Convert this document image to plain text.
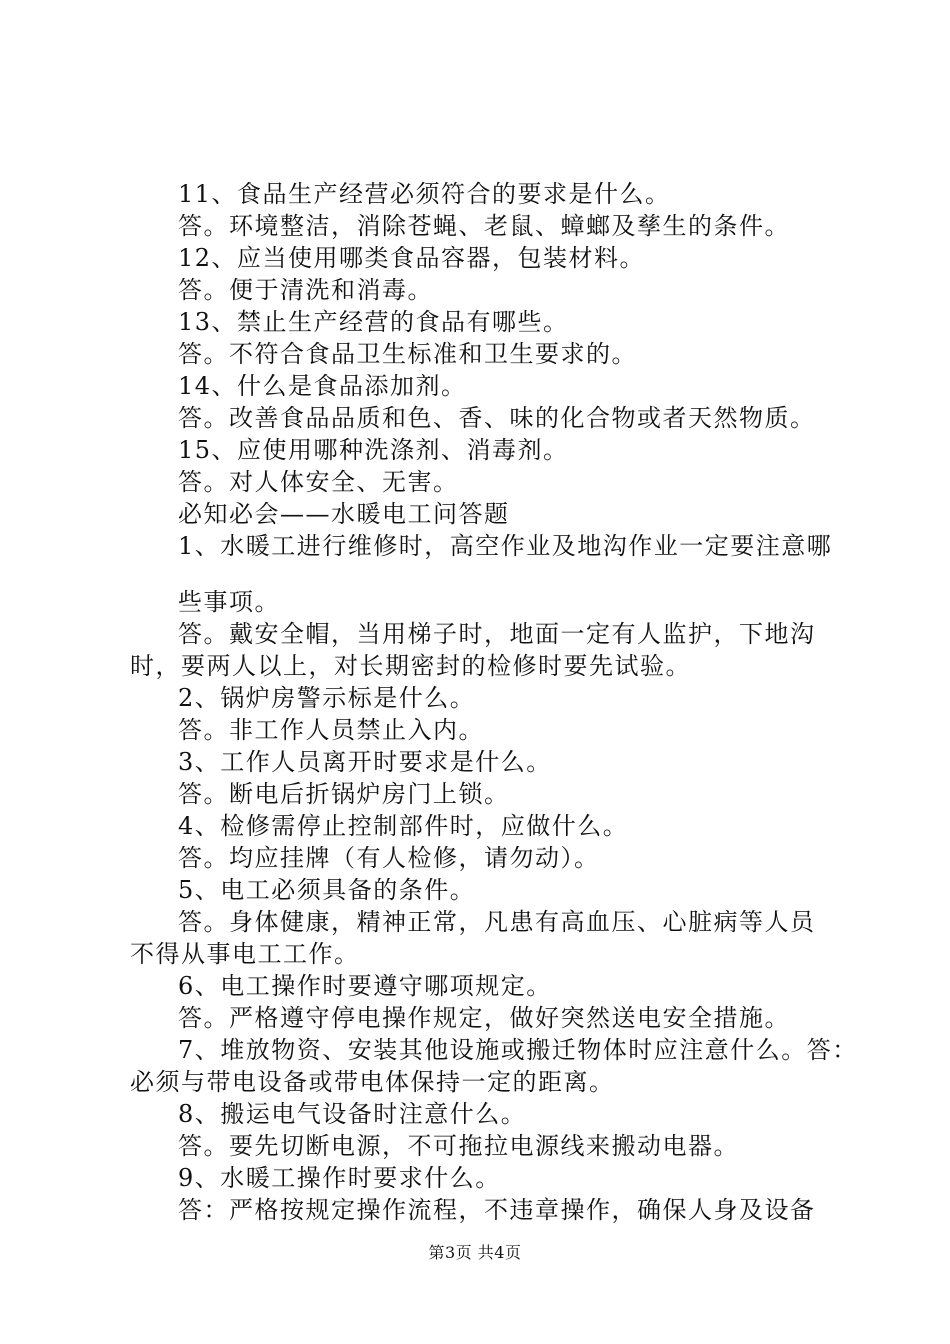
11、食品生产经营必须符合的要求是什么。
答。环境整洁，消除苍蝇、老鼠、蟑螂及孳生的条件。
12、应当使用哪类食品容器，包装材料。
答。便于清洗和消毒。
13、禁止生产经营的食品有哪些。
答。不符合食品卫生标准和卫生要求的。
14、什么是食品添加剂。
答。改善食品品质和色、香、味的化合物或者天然物质。
15、应使用哪种洗涤剂、消毒剂。
答。对人体安全、无害。
必知必会——水暖电工问答题
1、水暖工进行维修时，高空作业及地沟作业一定要注意哪
些事项。
答。戴安全帽，当用梯子时，地面一定有人监护，下地沟
时，要两人以上，对长期密封的检修时要先试验。
2、锅炉房警示标是什么。
答。非工作人员禁止入内。
3、工作人员离开时要求是什么。
答。断电后折锅炉房门上锁。
4、检修需停止控制部件时，应做什么。
答。均应挂牌（有人检修，请勿动）。
5、电工必须具备的条件。
答。身体健康，精神正常，凡患有高血压、心脏病等人员
不得从事电工工作。
6、电工操作时要遵守哪项规定。
答。严格遵守停电操作规定，做好突然送电安全措施。
7、堆放物资、安装其他设施或搬迁物体时应注意什么。答：
必须与带电设备或带电体保持一定的距离。
8、搬运电气设备时注意什么。
答。要先切断电源，不可拖拉电源线来搬动电器。
9、水暖工操作时要求什么。
答：严格按规定操作流程，不违章操作，确保人身及设备
第3页 共4页
